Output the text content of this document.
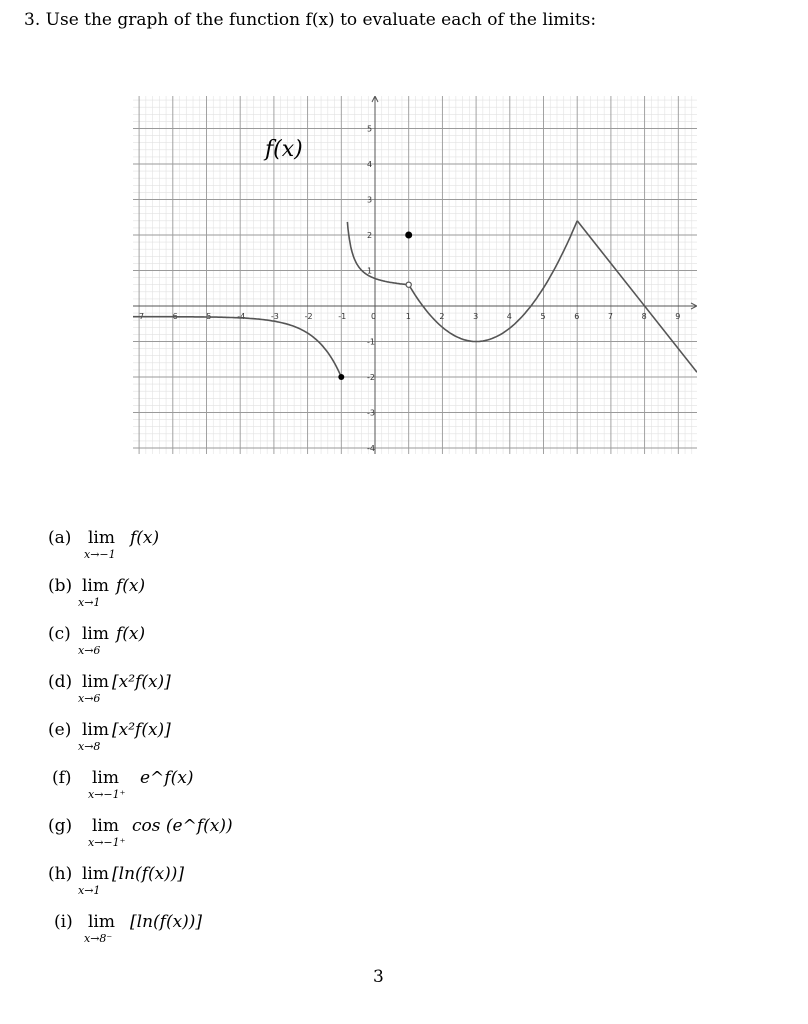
3. Use the graph of the function f(x) to evaluate each of the limits:
-7	-6	-5	-4	-3	-2	-1	0	1	2	3	4	5	6	7	8	9
5
4
3
2
1
-1
-2
-3
-4
f(x)
(a) lim
x→−1
f(x)
(b) lim
x→1
f(x)
(c) lim
x→6
f(x)
(d) lim
x→6
[x²f(x)]
(e) lim
x→8
[x²f(x)]
(f) lim
x→−1⁺
e^f(x)
(g) lim
x→−1⁺
cos (e^f(x))
(h) lim
x→1
[ln(f(x))]
(i) lim
x→8⁻
[ln(f(x))]
3
